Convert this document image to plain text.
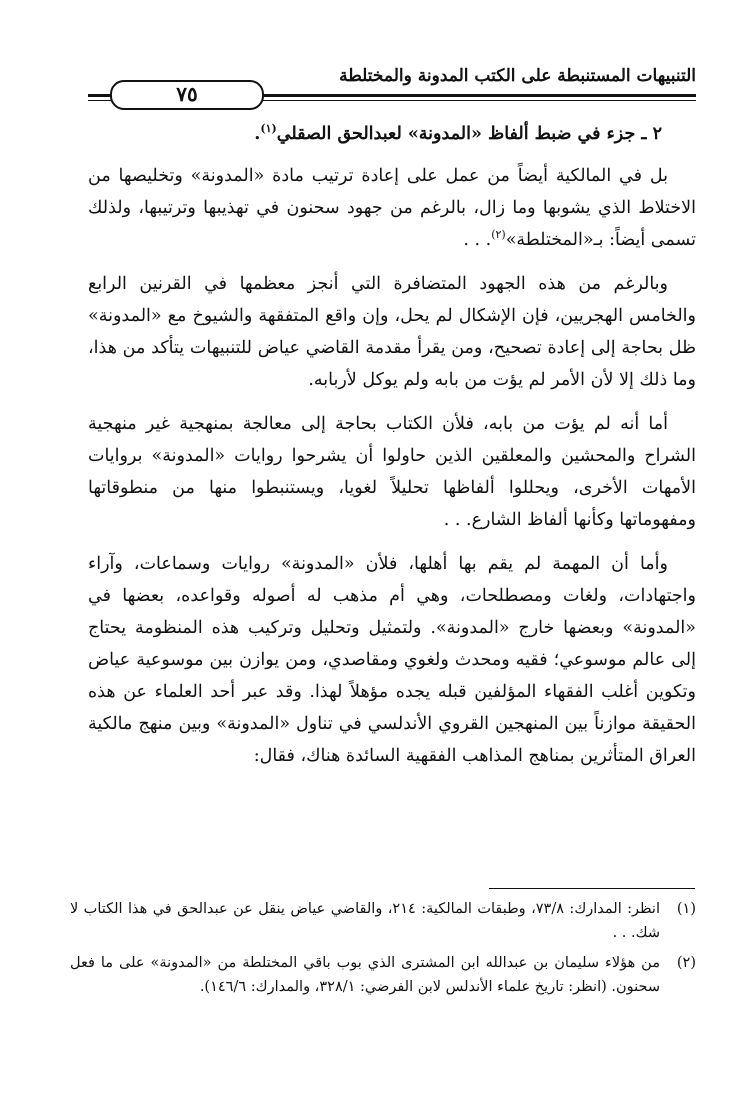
التنبيهات المستنبطة على الكتب المدونة والمختلطة
٧٥

٢ ـ جزء في ضبط ألفاظ «المدونة» لعبدالحق الصقلي$^{(١)}$.

بل في المالكية أيضاً من عمل على إعادة ترتيب مادة «المدونة» وتخليصها من الاختلاط الذي يشوبها وما زال، بالرغم من جهود سحنون في تهذيبها وترتيبها، ولذلك تسمى أيضاً: بـ«المختلطة»$^{(٢)}$. . .

وبالرغم من هذه الجهود المتضافرة التي أنجز معظمها في القرنين الرابع والخامس الهجريين، فإن الإشكال لم يحل، وإن واقع المتفقهة والشيوخ مع «المدونة» ظل بحاجة إلى إعادة تصحيح، ومن يقرأ مقدمة القاضي عياض للتنبيهات يتأكد من هذا، وما ذلك إلا لأن الأمر لم يؤت من بابه ولم يوكل لأربابه.

أما أنه لم يؤت من بابه، فلأن الكتاب بحاجة إلى معالجة بمنهجية غير منهجية الشراح والمحشين والمعلقين الذين حاولوا أن يشرحوا روايات «المدونة» بروايات الأمهات الأخرى، ويحللوا ألفاظها تحليلاً لغويا، ويستنبطوا منها من منطوقاتها ومفهوماتها وكأنها ألفاظ الشارع. . .

وأما أن المهمة لم يقم بها أهلها، فلأن «المدونة» روايات وسماعات، وآراء واجتهادات، ولغات ومصطلحات، وهي أم مذهب له أصوله وقواعده، بعضها في «المدونة» وبعضها خارج «المدونة». ولتمثيل وتحليل وتركيب هذه المنظومة يحتاج إلى عالم موسوعي؛ فقيه ومحدث ولغوي ومقاصدي، ومن يوازن بين موسوعية عياض وتكوين أغلب الفقهاء المؤلفين قبله يجده مؤهلاً لهذا. وقد عبر أحد العلماء عن هذه الحقيقة موازناً بين المنهجين القروي الأندلسي في تناول «المدونة» وبين منهج مالكية العراق المتأثرين بمناهج المذاهب الفقهية السائدة هناك، فقال:

(١)
انظر: المدارك: ٧٣/٨، وطبقات المالكية: ٢١٤، والقاضي عياض ينقل عن عبدالحق في هذا الكتاب لا شك. . .
(٢)
من هؤلاء سليمان بن عبدالله ابن المشترى الذي بوب باقي المختلطة من «المدونة» على ما فعل سحنون. (انظر: تاريخ علماء الأندلس لابن الفرضي: ٣٢٨/١، والمدارك: ١٤٦/٦).
